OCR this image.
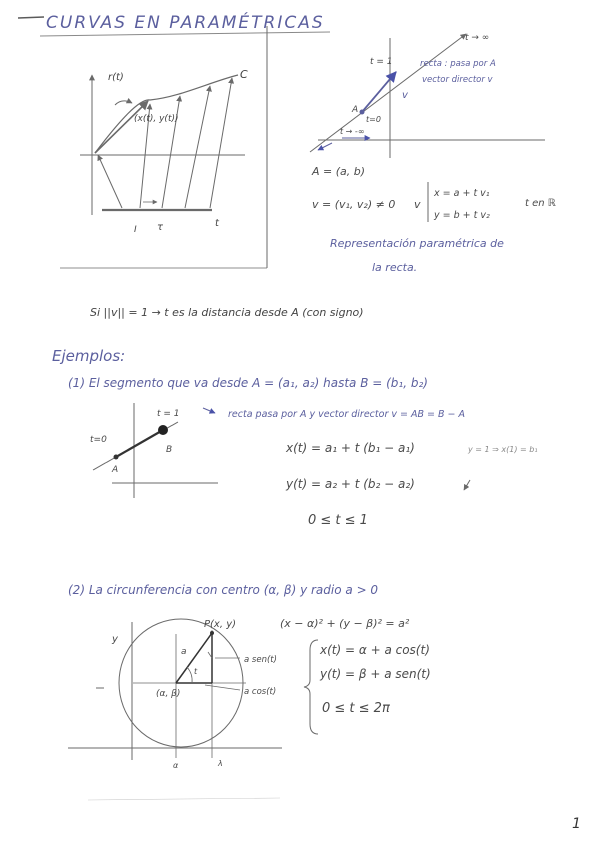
CURVAS EN PARAMÉTRICAS
r(t)
(x(t), y(t))
C
I τ	t
t → ∞
t = 1	recta : pasa por A
vector director v
v
t=0
A
t → -∞
A = (a, b)
v = (v₁, v₂) ≠ 0 v
x = a + t v₁
y = b + t v₂
t en ℝ
Representación paramétrica de
la recta.
Si ||v|| = 1 → t es la distancia desde A (con signo)
Ejemplos:
(1) El segmento que va desde A = (a₁, a₂) hasta B = (b₁, b₂)
t = 1
t=0
A
B
recta pasa por A y vector director v = AB = B − A
x(t) = a₁ + t (b₁ − a₁)	y = 1 ⇒ x(1) = b₁
y(t) = a₂ + t (b₂ − a₂)
0 ≤ t ≤ 1
(2) La circunferencia con centro (α, β) y radio a > 0
P(x, y)	(x − α)² + (y − β)² = a²
y
a
t
a sen(t)
a cos(t)
(α, β)
α	λ
x(t) = α + a cos(t)
y(t) = β + a sen(t)
0 ≤ t ≤ 2π
1
